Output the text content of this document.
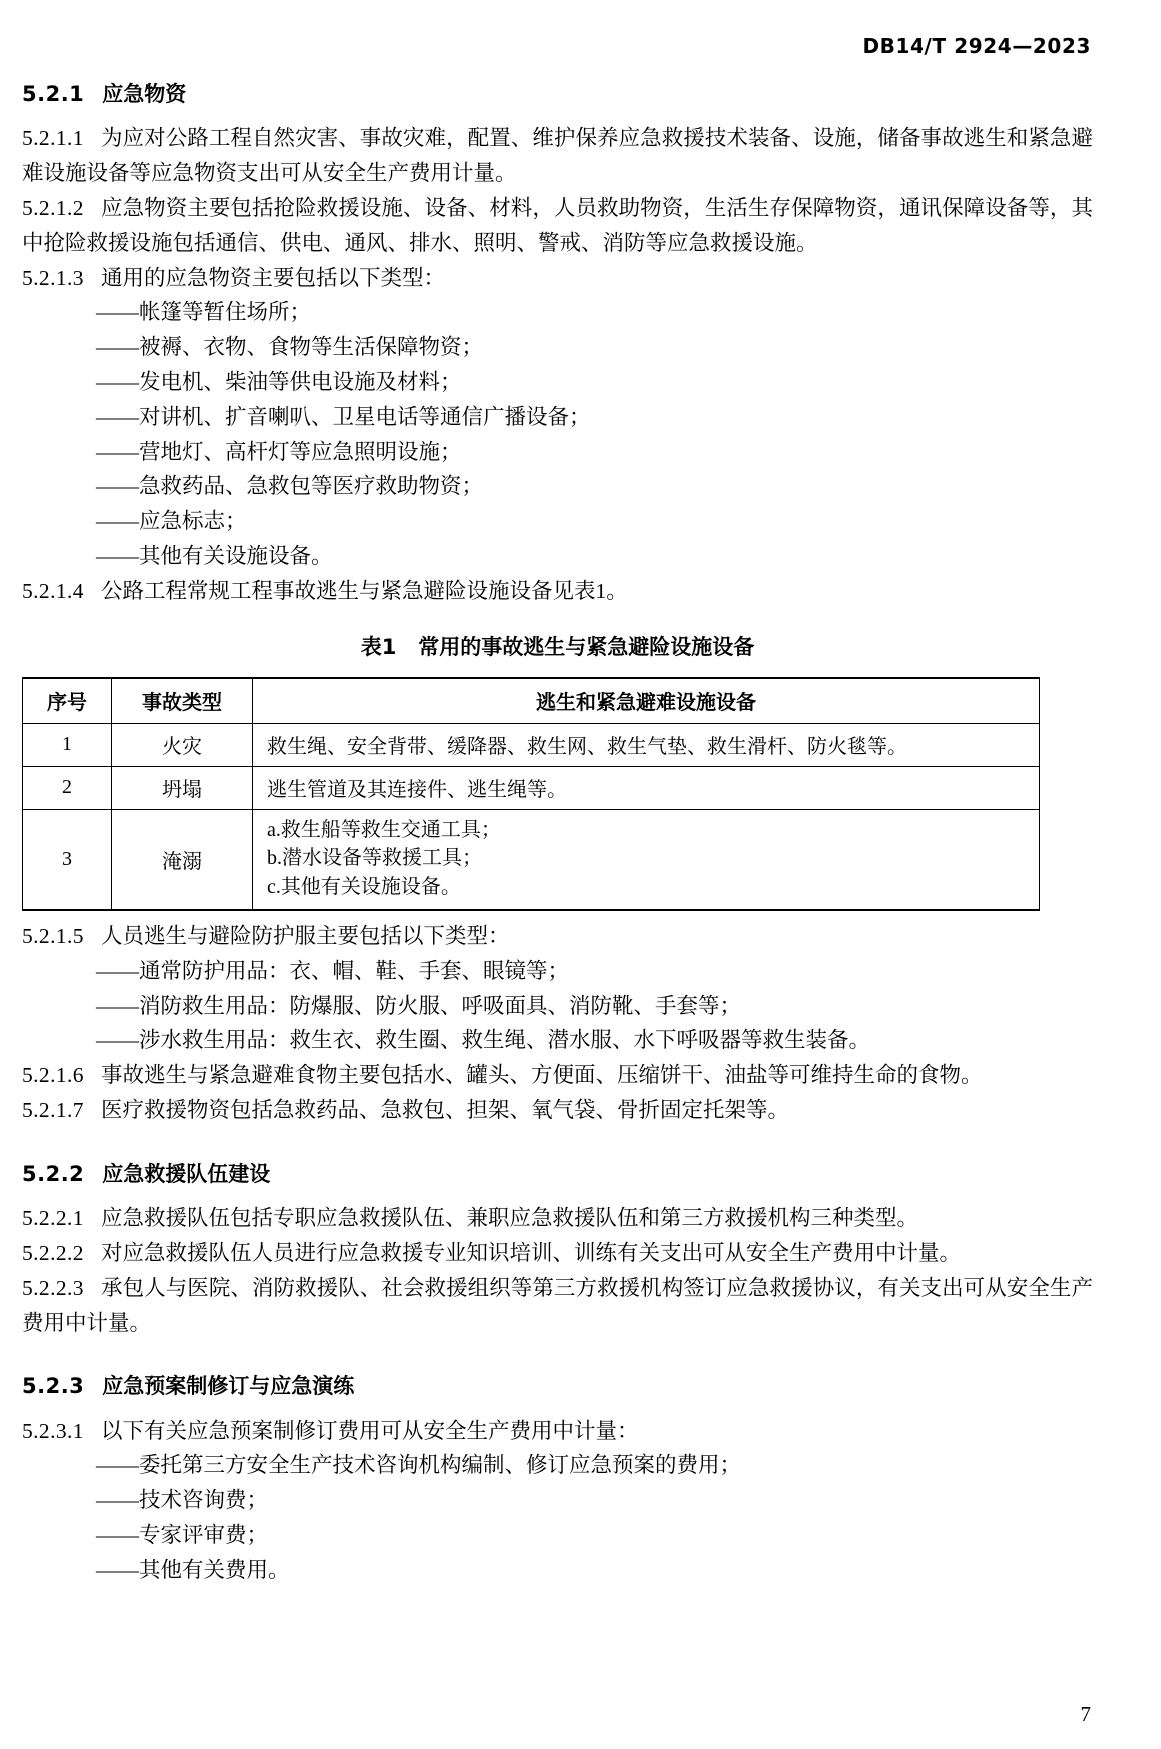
DB14/T 2924—2023
5.2.1 应急物资

5.2.1.1 为应对公路工程自然灾害、事故灾难，配置、维护保养应急救援技术装备、设施，储备事故逃生和紧急避难设施设备等应急物资支出可从安全生产费用计量。

5.2.1.2 应急物资主要包括抢险救援设施、设备、材料，人员救助物资，生活生存保障物资，通讯保障设备等，其中抢险救援设施包括通信、供电、通风、排水、照明、警戒、消防等应急救援设施。

5.2.1.3 通用的应急物资主要包括以下类型：

——帐篷等暂住场所；
——被褥、衣物、食物等生活保障物资；
——发电机、柴油等供电设施及材料；
——对讲机、扩音喇叭、卫星电话等通信广播设备；
——营地灯、高杆灯等应急照明设施；
——急救药品、急救包等医疗救助物资；
——应急标志；
——其他有关设施设备。

5.2.1.4 公路工程常规工程事故逃生与紧急避险设施设备见表1。

表1 常用的事故逃生与紧急避险设施设备
序号	事故类型	逃生和紧急避难设施设备
1	火灾	救生绳、安全背带、缓降器、救生网、救生气垫、救生滑杆、防火毯等。
2	坍塌	逃生管道及其连接件、逃生绳等。
3	淹溺	a.救生船等救生交通工具；
b.潜水设备等救援工具；
c.其他有关设施设备。

5.2.1.5 人员逃生与避险防护服主要包括以下类型：

——通常防护用品：衣、帽、鞋、手套、眼镜等；
——消防救生用品：防爆服、防火服、呼吸面具、消防靴、手套等；
——涉水救生用品：救生衣、救生圈、救生绳、潜水服、水下呼吸器等救生装备。

5.2.1.6 事故逃生与紧急避难食物主要包括水、罐头、方便面、压缩饼干、油盐等可维持生命的食物。

5.2.1.7 医疗救援物资包括急救药品、急救包、担架、氧气袋、骨折固定托架等。

5.2.2 应急救援队伍建设

5.2.2.1 应急救援队伍包括专职应急救援队伍、兼职应急救援队伍和第三方救援机构三种类型。

5.2.2.2 对应急救援队伍人员进行应急救援专业知识培训、训练有关支出可从安全生产费用中计量。

5.2.2.3 承包人与医院、消防救援队、社会救援组织等第三方救援机构签订应急救援协议，有关支出可从安全生产费用中计量。

5.2.3 应急预案制修订与应急演练

5.2.3.1 以下有关应急预案制修订费用可从安全生产费用中计量：

——委托第三方安全生产技术咨询机构编制、修订应急预案的费用；
——技术咨询费；
——专家评审费；
——其他有关费用。
7
